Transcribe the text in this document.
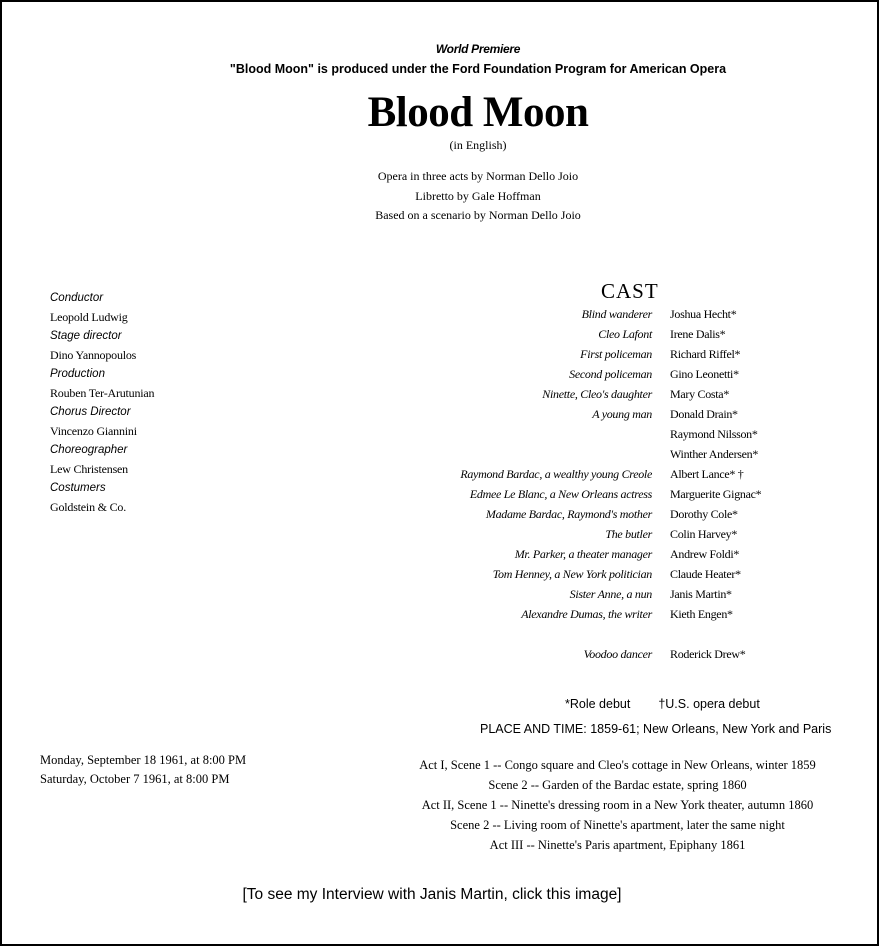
World Premiere
"Blood Moon" is produced under the Ford Foundation Program for American Opera
Blood Moon
(in English)
Opera in three acts by Norman Dello Joio
Libretto by Gale Hoffman
Based on a scenario by Norman Dello Joio
Conductor
Leopold Ludwig
Stage director
Dino Yannopoulos
Production
Rouben Ter-Arutunian
Chorus Director
Vincenzo Giannini
Choreographer
Lew Christensen
Costumers
Goldstein & Co.
CAST
Blind wanderer Joshua Hecht*
Cleo Lafont Irene Dalis*
First policeman Richard Riffel*
Second policeman Gino Leonetti*
Ninette, Cleo's daughter Mary Costa*
A young man Donald Drain*
Raymond Nilsson*
Winther Andersen*
Raymond Bardac, a wealthy young Creole Albert Lance* †
Edmee Le Blanc, a New Orleans actress Marguerite Gignac*
Madame Bardac, Raymond's mother Dorothy Cole*
The butler Colin Harvey*
Mr. Parker, a theater manager Andrew Foldi*
Tom Henney, a New York politician Claude Heater*
Sister Anne, a nun Janis Martin*
Alexandre Dumas, the writer Kieth Engen*
Voodoo dancer Roderick Drew*
*Role debut †U.S. opera debut
PLACE AND TIME: 1859-61; New Orleans, New York and Paris
Monday, September 18 1961, at 8:00 PM
Saturday, October 7 1961, at 8:00 PM
Act I, Scene 1 -- Congo square and Cleo's cottage in New Orleans, winter 1859
Scene 2 -- Garden of the Bardac estate, spring 1860
Act II, Scene 1 -- Ninette's dressing room in a New York theater, autumn 1860
Scene 2 -- Living room of Ninette's apartment, later the same night
Act III -- Ninette's Paris apartment, Epiphany 1861
[To see my Interview with Janis Martin, click this image]
